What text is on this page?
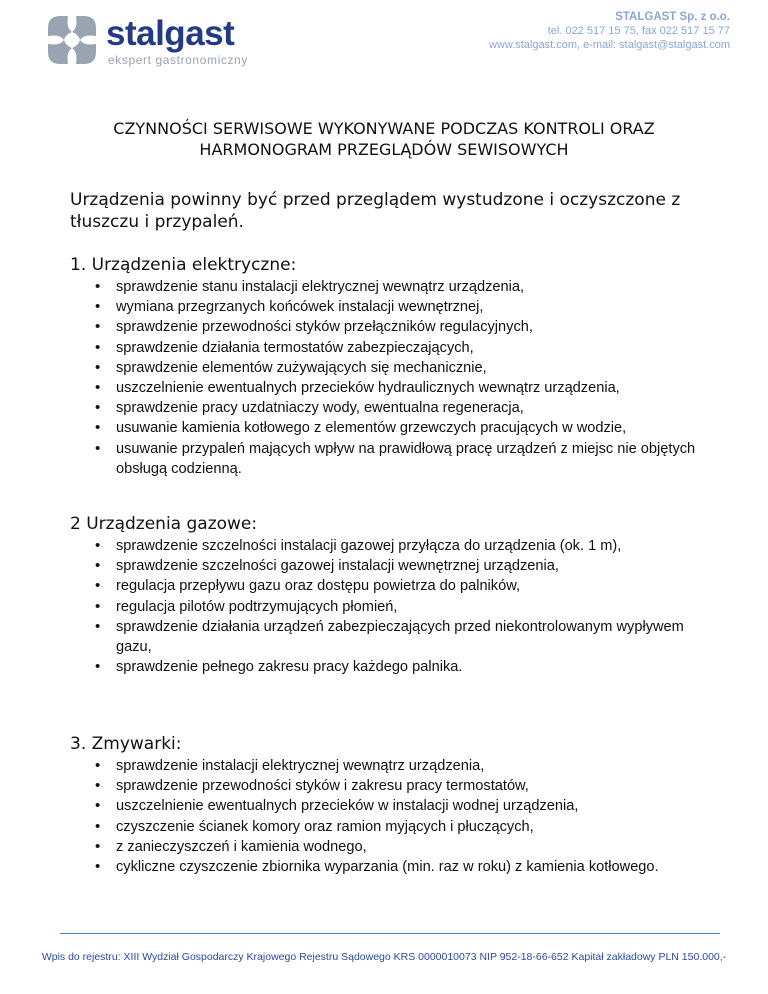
stalgast
ekspert gastronomiczny
STALGAST Sp. z o.o.
tel. 022 517 15 75, fax 022 517 15 77
www.stalgast.com, e-mail: stalgast@stalgast.com
CZYNNOŚCI SERWISOWE WYKONYWANE PODCZAS KONTROLI ORAZ
HARMONOGRAM PRZEGLĄDÓW SEWISOWYCH
Urządzenia powinny być przed przeglądem wystudzone i oczyszczone z tłuszczu i przypaleń.
1. Urządzenia elektryczne:
• sprawdzenie stanu instalacji elektrycznej wewnątrz urządzenia,
• wymiana przegrzanych końcówek instalacji wewnętrznej,
• sprawdzenie przewodności styków przełączników regulacyjnych,
• sprawdzenie działania termostatów zabezpieczających,
• sprawdzenie elementów zużywających się mechanicznie,
• uszczelnienie ewentualnych przecieków hydraulicznych wewnątrz urządzenia,
• sprawdzenie pracy uzdatniaczy wody, ewentualna regeneracja,
• usuwanie kamienia kotłowego z elementów grzewczych pracujących w wodzie,
• usuwanie przypaleń mających wpływ na prawidłową pracę urządzeń z miejsc nie objętych obsługą codzienną.
2 Urządzenia gazowe:
• sprawdzenie szczelności instalacji gazowej przyłącza do urządzenia (ok. 1 m),
• sprawdzenie szczelności gazowej instalacji wewnętrznej urządzenia,
• regulacja przepływu gazu oraz dostępu powietrza do palników,
• regulacja pilotów podtrzymujących płomień,
• sprawdzenie działania urządzeń zabezpieczających przed niekontrolowanym wypływem gazu,
• sprawdzenie pełnego zakresu pracy każdego palnika.
3. Zmywarki:
• sprawdzenie instalacji elektrycznej wewnątrz urządzenia,
• sprawdzenie przewodności styków i zakresu pracy termostatów,
• uszczelnienie ewentualnych przecieków w instalacji wodnej urządzenia,
• czyszczenie ścianek komory oraz ramion myjących i płuczących,
• z zanieczyszczeń i kamienia wodnego,
• cykliczne czyszczenie zbiornika wyparzania (min. raz w roku) z kamienia kotłowego.
Wpis do rejestru: XIII Wydział Gospodarczy Krajowego Rejestru Sądowego KRS 0000010073 NIP 952-18-66-652 Kapitał zakładowy PLN 150.000,-
